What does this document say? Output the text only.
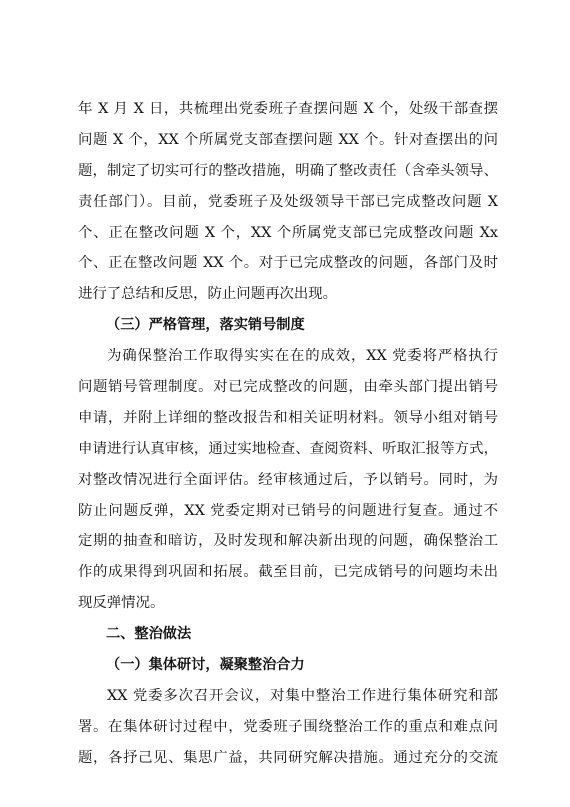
年 X 月 X 日，共梳理出党委班子查摆问题 X 个，处级干部查摆
问题 X 个，XX 个所属党支部查摆问题 XX 个。针对查摆出的问
题，制定了切实可行的整改措施，明确了整改责任（含牵头领导、
责任部门）。目前，党委班子及处级领导干部已完成整改问题 X
个、正在整改问题 X 个，XX 个所属党支部已完成整改问题 Xx
个、正在整改问题 XX 个。对于已完成整改的问题，各部门及时
进行了总结和反思，防止问题再次出现。
（三）严格管理，落实销号制度
为确保整治工作取得实实在在的成效，XX 党委将严格执行
问题销号管理制度。对已完成整改的问题，由牵头部门提出销号
申请，并附上详细的整改报告和相关证明材料。领导小组对销号
申请进行认真审核，通过实地检查、查阅资料、听取汇报等方式，
对整改情况进行全面评估。经审核通过后，予以销号。同时，为
防止问题反弹，XX 党委定期对已销号的问题进行复查。通过不
定期的抽查和暗访，及时发现和解决新出现的问题，确保整治工
作的成果得到巩固和拓展。截至目前，已完成销号的问题均未出
现反弹情况。
二、整治做法
（一）集体研讨，凝聚整治合力
XX 党委多次召开会议，对集中整治工作进行集体研究和部
署。在集体研讨过程中，党委班子围绕整治工作的重点和难点问
题，各抒己见、集思广益，共同研究解决措施。通过充分的交流
